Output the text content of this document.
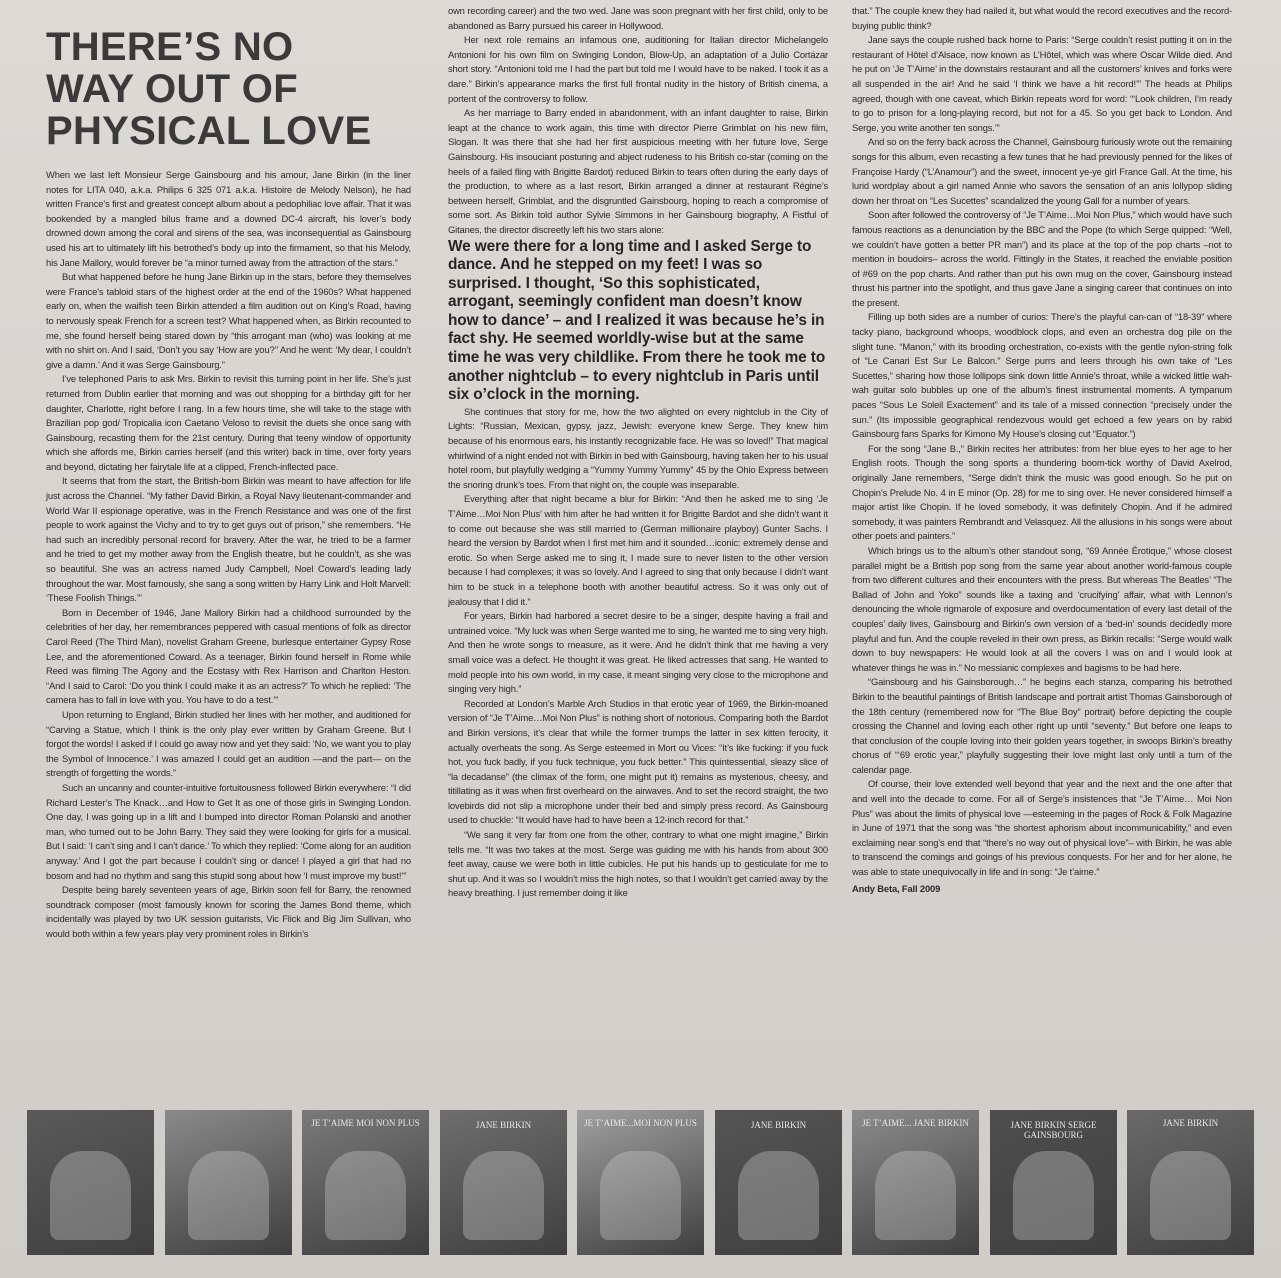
THERE’S NO
WAY OUT OF
PHYSICAL LOVE

When we last left Monsieur Serge Gainsbourg and his amour, Jane Birkin (in the liner notes for LITA 040, a.k.a. Philips 6 325 071 a.k.a. Histoire de Melody Nelson), he had written France’s first and greatest concept album about a pedophiliac love affair. That it was bookended by a mangled bilus frame and a downed DC-4 aircraft, his lover’s body drowned down among the coral and sirens of the sea, was inconsequential as Gainsbourg used his art to ultimately lift his betrothed’s body up into the firmament, so that his Melody, his Jane Mallory, would forever be “a minor turned away from the attraction of the stars.”

But what happened before he hung Jane Birkin up in the stars, before they themselves were France’s tabloid stars of the highest order at the end of the 1960s? What happened early on, when the waifish teen Birkin attended a film audition out on King’s Road, having to nervously speak French for a screen test? What happened when, as Birkin recounted to me, she found herself being stared down by “this arrogant man (who) was looking at me with no shirt on. And I said, ‘Don’t you say ‘How are you?’’ And he went: ‘My dear, I couldn’t give a damn.’ And it was Serge Gainsbourg.”

I’ve telephoned Paris to ask Mrs. Birkin to revisit this turning point in her life. She’s just returned from Dublin earlier that morning and was out shopping for a birthday gift for her daughter, Charlotte, right before I rang. In a few hours time, she will take to the stage with Brazilian pop god/ Tropicalia icon Caetano Veloso to revisit the duets she once sang with Gainsbourg, recasting them for the 21st century. During that teeny window of opportunity which she affords me, Birkin carries herself (and this writer) back in time, over forty years and beyond, dictating her fairytale life at a clipped, French-inflected pace.

It seems that from the start, the British-born Birkin was meant to have affection for life just across the Channel. “My father David Birkin, a Royal Navy lieutenant-commander and World War II espionage operative, was in the French Resistance and was one of the first people to work against the Vichy and to try to get guys out of prison,” she remembers. “He had such an incredibly personal record for bravery. After the war, he tried to be a farmer and he tried to get my mother away from the English theatre, but he couldn’t, as she was so beautiful. She was an actress named Judy Campbell, Noel Coward’s leading lady throughout the war. Most famously, she sang a song written by Harry Link and Holt Marvell: ‘These Foolish Things.’”

Born in December of 1946, Jane Mallory Birkin had a childhood surrounded by the celebrities of her day, her remembrances peppered with casual mentions of folk as director Carol Reed (The Third Man), novelist Graham Greene, burlesque entertainer Gypsy Rose Lee, and the aforementioned Coward. As a teenager, Birkin found herself in Rome while Reed was filming The Agony and the Ecstasy with Rex Harrison and Charlton Heston. “And I said to Carol: ‘Do you think I could make it as an actress?’ To which he replied: ‘The camera has to fall in love with you. You have to do a test.’”

Upon returning to England, Birkin studied her lines with her mother, and auditioned for “Carving a Statue, which I think is the only play ever written by Graham Greene. But I forgot the words! I asked if I could go away now and yet they said: ‘No, we want you to play the Symbol of Innocence.’ I was amazed I could get an audition —and the part— on the strength of forgetting the words.”

Such an uncanny and counter-intuitive fortuitousness followed Birkin everywhere: “I did Richard Lester’s The Knack…and How to Get It as one of those girls in Swinging London. One day, I was going up in a lift and I bumped into director Roman Polanski and another man, who turned out to be John Barry. They said they were looking for girls for a musical. But I said: ‘I can’t sing and I can’t dance.’ To which they replied: ‘Come along for an audition anyway.’ And I got the part because I couldn’t sing or dance! I played a girl that had no bosom and had no rhythm and sang this stupid song about how ‘I must improve my bust!’”

Despite being barely seventeen years of age, Birkin soon fell for Barry, the renowned soundtrack composer (most famously known for scoring the James Bond theme, which incidentally was played by two UK session guitarists, Vic Flick and Big Jim Sullivan, who would both within a few years play very prominent roles in Birkin’s

own recording career) and the two wed. Jane was soon pregnant with her first child, only to be abandoned as Barry pursued his career in Hollywood.

Her next role remains an infamous one, auditioning for Italian director Michelangelo Antonioni for his own film on Swinging London, Blow-Up, an adaptation of a Julio Cortázar short story. “Antonioni told me I had the part but told me I would have to be naked. I took it as a dare.” Birkin’s appearance marks the first full frontal nudity in the history of British cinema, a portent of the controversy to follow.

As her marriage to Barry ended in abandonment, with an infant daughter to raise, Birkin leapt at the chance to work again, this time with director Pierre Grimblat on his new film, Slogan. It was there that she had her first auspicious meeting with her future love, Serge Gainsbourg. His insouciant posturing and abject rudeness to his British co-star (coming on the heels of a failed fling with Brigitte Bardot) reduced Birkin to tears often during the early days of the production, to where as a last resort, Birkin arranged a dinner at restaurant Régine’s between herself, Grimblat, and the disgruntled Gainsbourg, hoping to reach a compromise of some sort. As Birkin told author Sylvie Simmons in her Gainsbourg biography, A Fistful of Gitanes, the director discreetly left his two stars alone:

We were there for a long time and I asked Serge to dance. And he stepped on my feet! I was so surprised. I thought, ‘So this sophisticated, arrogant, seemingly confident man doesn’t know how to dance’ – and I realized it was because he’s in fact shy. He seemed worldly-wise but at the same time he was very childlike. From there he took me to another nightclub – to every nightclub in Paris until six o’clock in the morning.

She continues that story for me, how the two alighted on every nightclub in the City of Lights: “Russian, Mexican, gypsy, jazz, Jewish: everyone knew Serge. They knew him because of his enormous ears, his instantly recognizable face. He was so loved!” That magical whirlwind of a night ended not with Birkin in bed with Gainsbourg, having taken her to his usual hotel room, but playfully wedging a “Yummy Yummy Yummy” 45 by the Ohio Express between the snoring drunk’s toes. From that night on, the couple was inseparable.

Everything after that night became a blur for Birkin: “And then he asked me to sing ‘Je T’Aime…Moi Non Plus’ with him after he had written it for Brigitte Bardot and she didn’t want it to come out because she was still married to (German millionaire playboy) Gunter Sachs. I heard the version by Bardot when I first met him and it sounded…iconic: extremely dense and erotic. So when Serge asked me to sing it, I made sure to never listen to the other version because I had complexes; it was so lovely. And I agreed to sing that only because I didn’t want him to be stuck in a telephone booth with another beautiful actress. So it was only out of jealousy that I did it.”

For years, Birkin had harbored a secret desire to be a singer, despite having a frail and untrained voice. “My luck was when Serge wanted me to sing, he wanted me to sing very high. And then he wrote songs to measure, as it were. And he didn’t think that me having a very small voice was a defect. He thought it was great. He liked actresses that sang. He wanted to mold people into his own world, in my case, it meant singing very close to the microphone and singing very high.”

Recorded at London’s Marble Arch Studios in that erotic year of 1969, the Birkin-moaned version of “Je T’Aime…Moi Non Plus” is nothing short of notorious. Comparing both the Bardot and Birkin versions, it’s clear that while the former trumps the latter in sex kitten ferocity, it actually overheats the song. As Serge esteemed in Mort ou Vices: “It’s like fucking: if you fuck hot, you fuck badly, if you fuck technique, you fuck better.” This quintessential, sleazy slice of “la decadanse” (the climax of the form, one might put it) remains as mysterious, cheesy, and titillating as it was when first overheard on the airwaves. And to set the record straight, the two lovebirds did not slip a microphone under their bed and simply press record. As Gainsbourg used to chuckle: “It would have had to have been a 12-inch record for that.”

“We sang it very far from one from the other, contrary to what one might imagine,” Birkin tells me. “It was two takes at the most. Serge was guiding me with his hands from about 300 feet away, cause we were both in little cubicles. He put his hands up to gesticulate for me to shut up. And it was so I wouldn’t miss the high notes, so that I wouldn’t get carried away by the heavy breathing. I just remember doing it like

that.” The couple knew they had nailed it, but what would the record executives and the record-buying public think?

Jane says the couple rushed back home to Paris: “Serge couldn’t resist putting it on in the restaurant of Hôtel d’Alsace, now known as L’Hôtel, which was where Oscar Wilde died. And he put on ‘Je T’Aime’ in the downstairs restaurant and all the customers’ knives and forks were all suspended in the air! And he said ‘I think we have a hit record!’” The heads at Philips agreed, though with one caveat, which Birkin repeats word for word: “‘Look children, I’m ready to go to prison for a long-playing record, but not for a 45. So you get back to London. And Serge, you write another ten songs.’”

And so on the ferry back across the Channel, Gainsbourg furiously wrote out the remaining songs for this album, even recasting a few tunes that he had previously penned for the likes of Françoise Hardy (“L’Anamour”) and the sweet, innocent ye-ye girl France Gall. At the time, his lurid wordplay about a girl named Annie who savors the sensation of an anis lollypop sliding down her throat on “Les Sucettes” scandalized the young Gall for a number of years.

Soon after followed the controversy of “Je T’Aime…Moi Non Plus,” which would have such famous reactions as a denunciation by the BBC and the Pope (to which Serge quipped: “Well, we couldn’t have gotten a better PR man”) and its place at the top of the pop charts –not to mention in boudoirs– across the world. Fittingly in the States, it reached the enviable position of #69 on the pop charts. And rather than put his own mug on the cover, Gainsbourg instead thrust his partner into the spotlight, and thus gave Jane a singing career that continues on into the present.

Filling up both sides are a number of curios: There’s the playful can-can of “18-39” where tacky piano, background whoops, woodblock clops, and even an orchestra dog pile on the slight tune. “Manon,” with its brooding orchestration, co-exists with the gentle nylon-string folk of “Le Canari Est Sur Le Balcon.” Serge purrs and leers through his own take of “Les Sucettes,” sharing how those lollipops sink down little Annie’s throat, while a wicked little wah-wah guitar solo bubbles up one of the album’s finest instrumental moments. A tympanum paces “Sous Le Soleil Exactement” and its tale of a missed connection “precisely under the sun.” (Its impossible geographical rendezvous would get echoed a few years on by rabid Gainsbourg fans Sparks for Kimono My House’s closing cut “Equator.”)

For the song “Jane B.,” Birkin recites her attributes: from her blue eyes to her age to her English roots. Though the song sports a thundering boom-tick worthy of David Axelrod, originally Jane remembers, “Serge didn’t think the music was good enough. So he put on Chopin’s Prelude No. 4 in E minor (Op. 28) for me to sing over. He never considered himself a major artist like Chopin. If he loved somebody, it was definitely Chopin. And if he admired somebody, it was painters Rembrandt and Velasquez. All the allusions in his songs were about other poets and painters.”

Which brings us to the album’s other standout song, “69 Année Érotique,” whose closest parallel might be a British pop song from the same year about another world-famous couple from two different cultures and their encounters with the press. But whereas The Beatles’ “The Ballad of John and Yoko” sounds like a taxing and ‘crucifying’ affair, what with Lennon’s denouncing the whole rigmarole of exposure and overdocumentation of every last detail of the couples’ daily lives, Gainsbourg and Birkin’s own version of a ‘bed-in’ sounds decidedly more playful and fun. And the couple reveled in their own press, as Birkin recalls: “Serge would walk down to buy newspapers: He would look at all the covers I was on and I would look at whatever things he was in.” No messianic complexes and bagisms to be had here.

“Gainsbourg and his Gainsborough…” he begins each stanza, comparing his betrothed Birkin to the beautiful paintings of British landscape and portrait artist Thomas Gainsborough of the 18th century (remembered now for “The Blue Boy” portrait) before depicting the couple crossing the Channel and loving each other right up until “seventy.” But before one leaps to that conclusion of the couple loving into their golden years together, in swoops Birkin’s breathy chorus of “‘69 erotic year,” playfully suggesting their love might last only until a turn of the calendar page.

Of course, their love extended well beyond that year and the next and the one after that and well into the decade to come. For all of Serge’s insistences that “Je T’Aime… Moi Non Plus” was about the limits of physical love —esteeming in the pages of Rock & Folk Magazine in June of 1971 that the song was “the shortest aphorism about incommunicability,” and even exclaiming near song’s end that “there’s no way out of physical love”– with Birkin, he was able to transcend the comings and goings of his previous conquests. For her and for her alone, he was able to state unequivocally in life and in song: “Je t’aime.”

Andy Beta, Fall 2009

JE T’AIME MOI NON PLUS	JANE BIRKIN	JE T’AIME...MOI NON PLUS	JANE BIRKIN	JE T’AIME... JANE BIRKIN	JANE BIRKIN SERGE GAINSBOURG
JANE BIRKIN
